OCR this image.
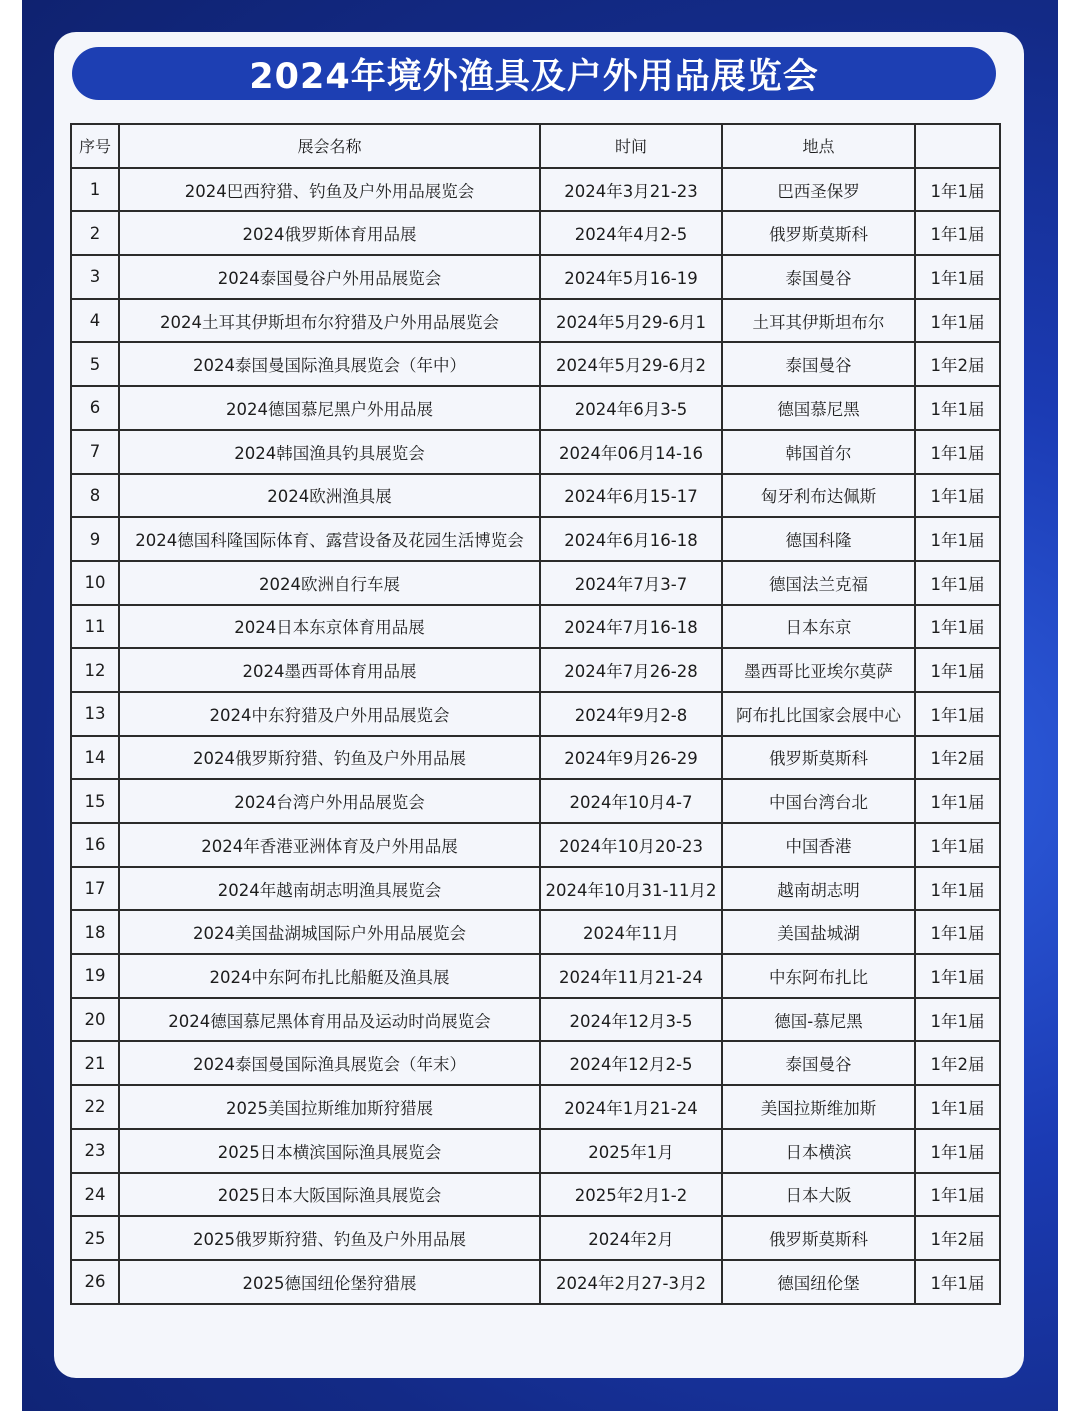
2024年境外渔具及户外用品展览会
序号	展会名称	时间	地点	
1	2024巴西狩猎、钓鱼及户外用品展览会	2024年3月21-23	巴西圣保罗	1年1届
2	2024俄罗斯体育用品展	2024年4月2-5	俄罗斯莫斯科	1年1届
3	2024泰国曼谷户外用品展览会	2024年5月16-19	泰国曼谷	1年1届
4	2024土耳其伊斯坦布尔狩猎及户外用品展览会	2024年5月29-6月1	土耳其伊斯坦布尔	1年1届
5	2024泰国曼国际渔具展览会（年中）	2024年5月29-6月2	泰国曼谷	1年2届
6	2024德国慕尼黑户外用品展	2024年6月3-5	德国慕尼黑	1年1届
7	2024韩国渔具钓具展览会	2024年06月14-16	韩国首尔	1年1届
8	2024欧洲渔具展	2024年6月15-17	匈牙利布达佩斯	1年1届
9	2024德国科隆国际体育、露营设备及花园生活博览会	2024年6月16-18	德国科隆	1年1届
10	2024欧洲自行车展	2024年7月3-7	德国法兰克福	1年1届
11	2024日本东京体育用品展	2024年7月16-18	日本东京	1年1届
12	2024墨西哥体育用品展	2024年7月26-28	墨西哥比亚埃尔莫萨	1年1届
13	2024中东狩猎及户外用品展览会	2024年9月2-8	阿布扎比国家会展中心	1年1届
14	2024俄罗斯狩猎、钓鱼及户外用品展	2024年9月26-29	俄罗斯莫斯科	1年2届
15	2024台湾户外用品展览会	2024年10月4-7	中国台湾台北	1年1届
16	2024年香港亚洲体育及户外用品展	2024年10月20-23	中国香港	1年1届
17	2024年越南胡志明渔具展览会	2024年10月31-11月2	越南胡志明	1年1届
18	2024美国盐湖城国际户外用品展览会	2024年11月	美国盐城湖	1年1届
19	2024中东阿布扎比船艇及渔具展	2024年11月21-24	中东阿布扎比	1年1届
20	2024德国慕尼黑体育用品及运动时尚展览会	2024年12月3-5	德国-慕尼黑	1年1届
21	2024泰国曼国际渔具展览会（年末）	2024年12月2-5	泰国曼谷	1年2届
22	2025美国拉斯维加斯狩猎展	2024年1月21-24	美国拉斯维加斯	1年1届
23	2025日本横滨国际渔具展览会	2025年1月	日本横滨	1年1届
24	2025日本大阪国际渔具展览会	2025年2月1-2	日本大阪	1年1届
25	2025俄罗斯狩猎、钓鱼及户外用品展	2024年2月	俄罗斯莫斯科	1年2届
26	2025德国纽伦堡狩猎展	2024年2月27-3月2	德国纽伦堡	1年1届
